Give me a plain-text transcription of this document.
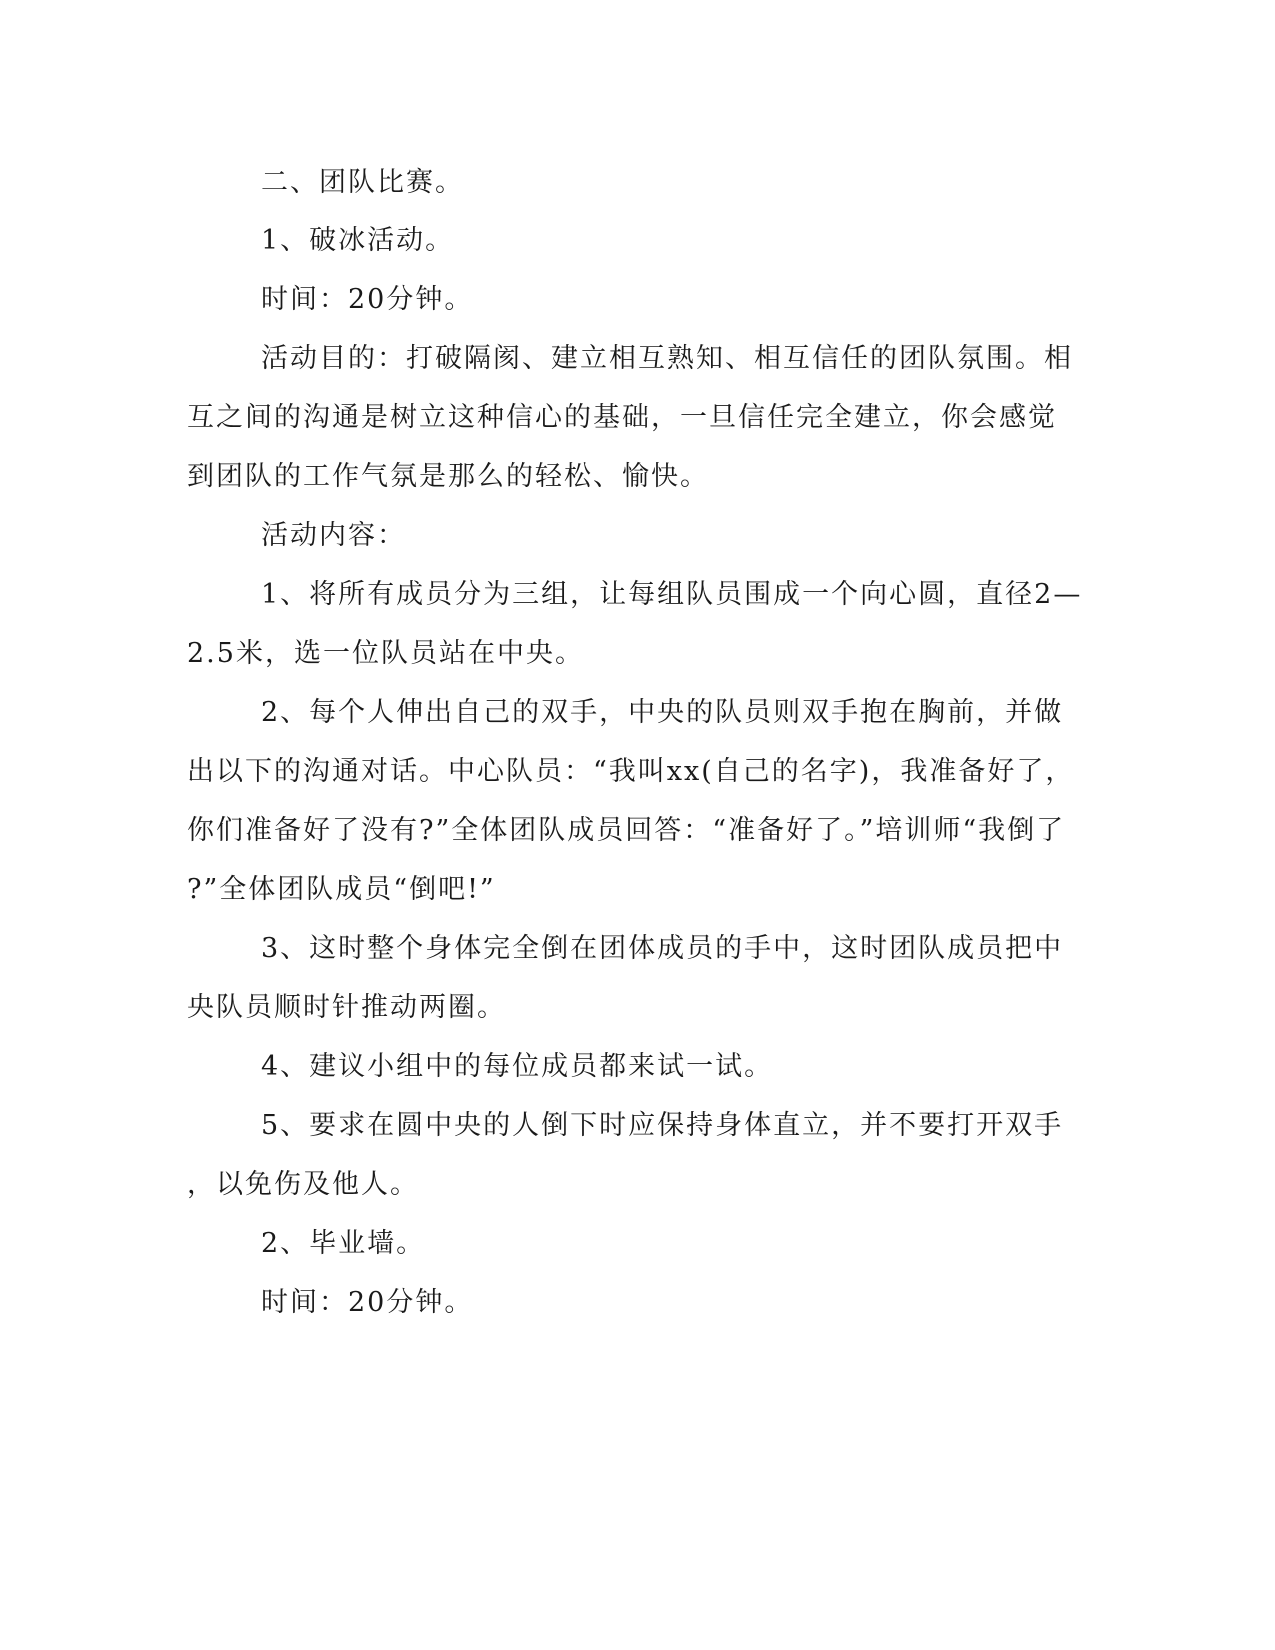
二、团队比赛。
1、破冰活动。
时间：20分钟。
活动目的：打破隔阂、建立相互熟知、相互信任的团队氛围。相
互之间的沟通是树立这种信心的基础，一旦信任完全建立，你会感觉
到团队的工作气氛是那么的轻松、愉快。
活动内容：
1、将所有成员分为三组，让每组队员围成一个向心圆，直径2—
2.5米，选一位队员站在中央。
2、每个人伸出自己的双手，中央的队员则双手抱在胸前，并做
出以下的沟通对话。中心队员：“我叫xx(自己的名字)，我准备好了，
你们准备好了没有?”全体团队成员回答：“准备好了。”培训师“我倒了
?”全体团队成员“倒吧!”
3、这时整个身体完全倒在团体成员的手中，这时团队成员把中
央队员顺时针推动两圈。
4、建议小组中的每位成员都来试一试。
5、要求在圆中央的人倒下时应保持身体直立，并不要打开双手
，以免伤及他人。
2、毕业墙。
时间：20分钟。
